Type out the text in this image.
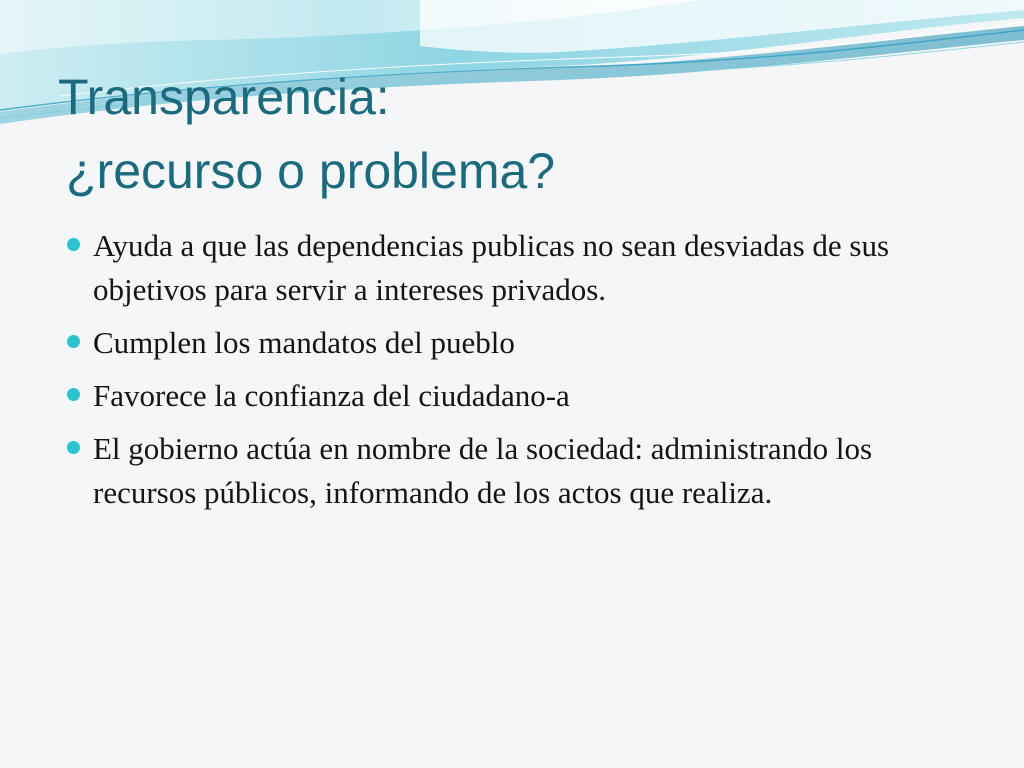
Transparencia:
¿recurso o problema?
Ayuda a que las dependencias publicas no sean desviadas de sus objetivos para servir a intereses privados.
Cumplen los mandatos del pueblo
Favorece la confianza del ciudadano-a
El gobierno actúa en nombre de la sociedad: administrando los recursos públicos, informando de los actos que realiza.
